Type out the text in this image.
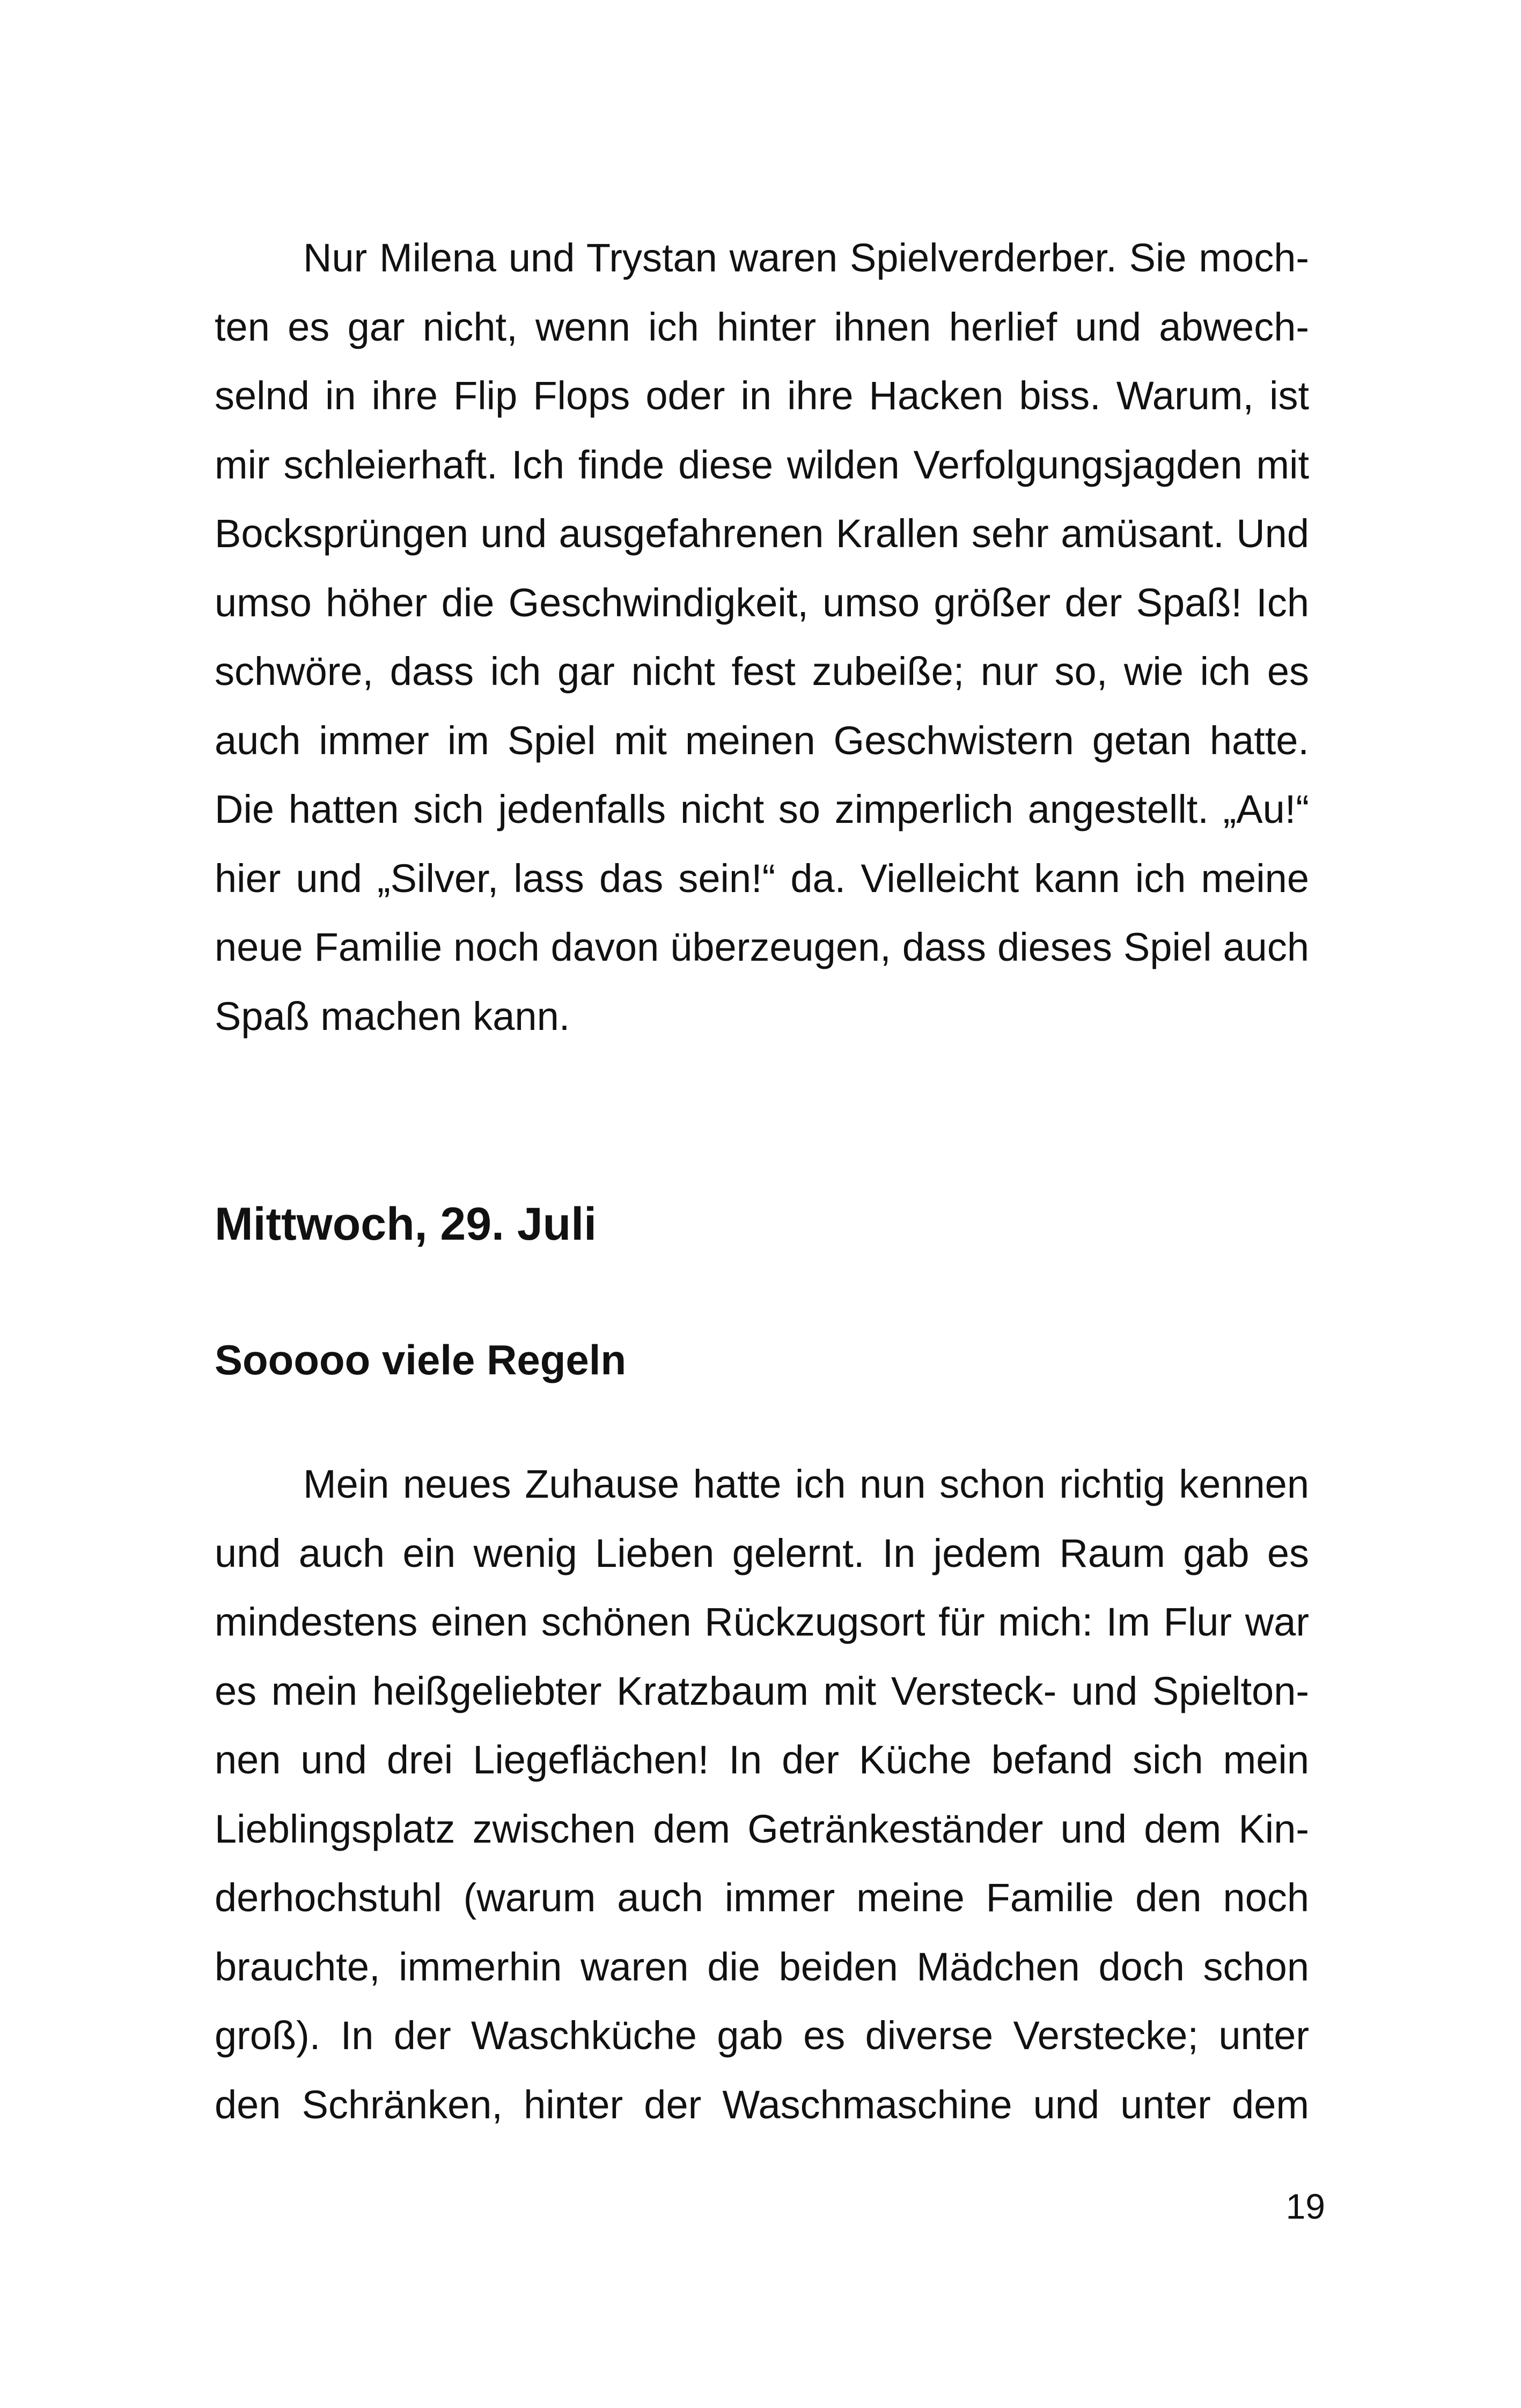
Nur Milena und Trystan waren Spielverderber. Sie moch-
ten es gar nicht, wenn ich hinter ihnen herlief und abwech-
selnd in ihre Flip Flops oder in ihre Hacken biss. Warum, ist
mir schleierhaft. Ich finde diese wilden Verfolgungsjagden mit
Bocksprüngen und ausgefahrenen Krallen sehr amüsant. Und
umso höher die Geschwindigkeit, umso größer der Spaß! Ich
schwöre, dass ich gar nicht fest zubeiße; nur so, wie ich es
auch immer im Spiel mit meinen Geschwistern getan hatte.
Die hatten sich jedenfalls nicht so zimperlich angestellt. „Au!“
hier und „Silver, lass das sein!“ da. Vielleicht kann ich meine
neue Familie noch davon überzeugen, dass dieses Spiel auch
Spaß machen kann.
Mittwoch, 29. Juli
Sooooo viele Regeln
Mein neues Zuhause hatte ich nun schon richtig kennen
und auch ein wenig Lieben gelernt. In jedem Raum gab es
mindestens einen schönen Rückzugsort für mich: Im Flur war
es mein heißgeliebter Kratzbaum mit Versteck- und Spielton-
nen und drei Liegeflächen! In der Küche befand sich mein
Lieblingsplatz zwischen dem Getränkeständer und dem Kin-
derhochstuhl (warum auch immer meine Familie den noch
brauchte, immerhin waren die beiden Mädchen doch schon
groß). In der Waschküche gab es diverse Verstecke; unter
den Schränken, hinter der Waschmaschine und unter dem
19
